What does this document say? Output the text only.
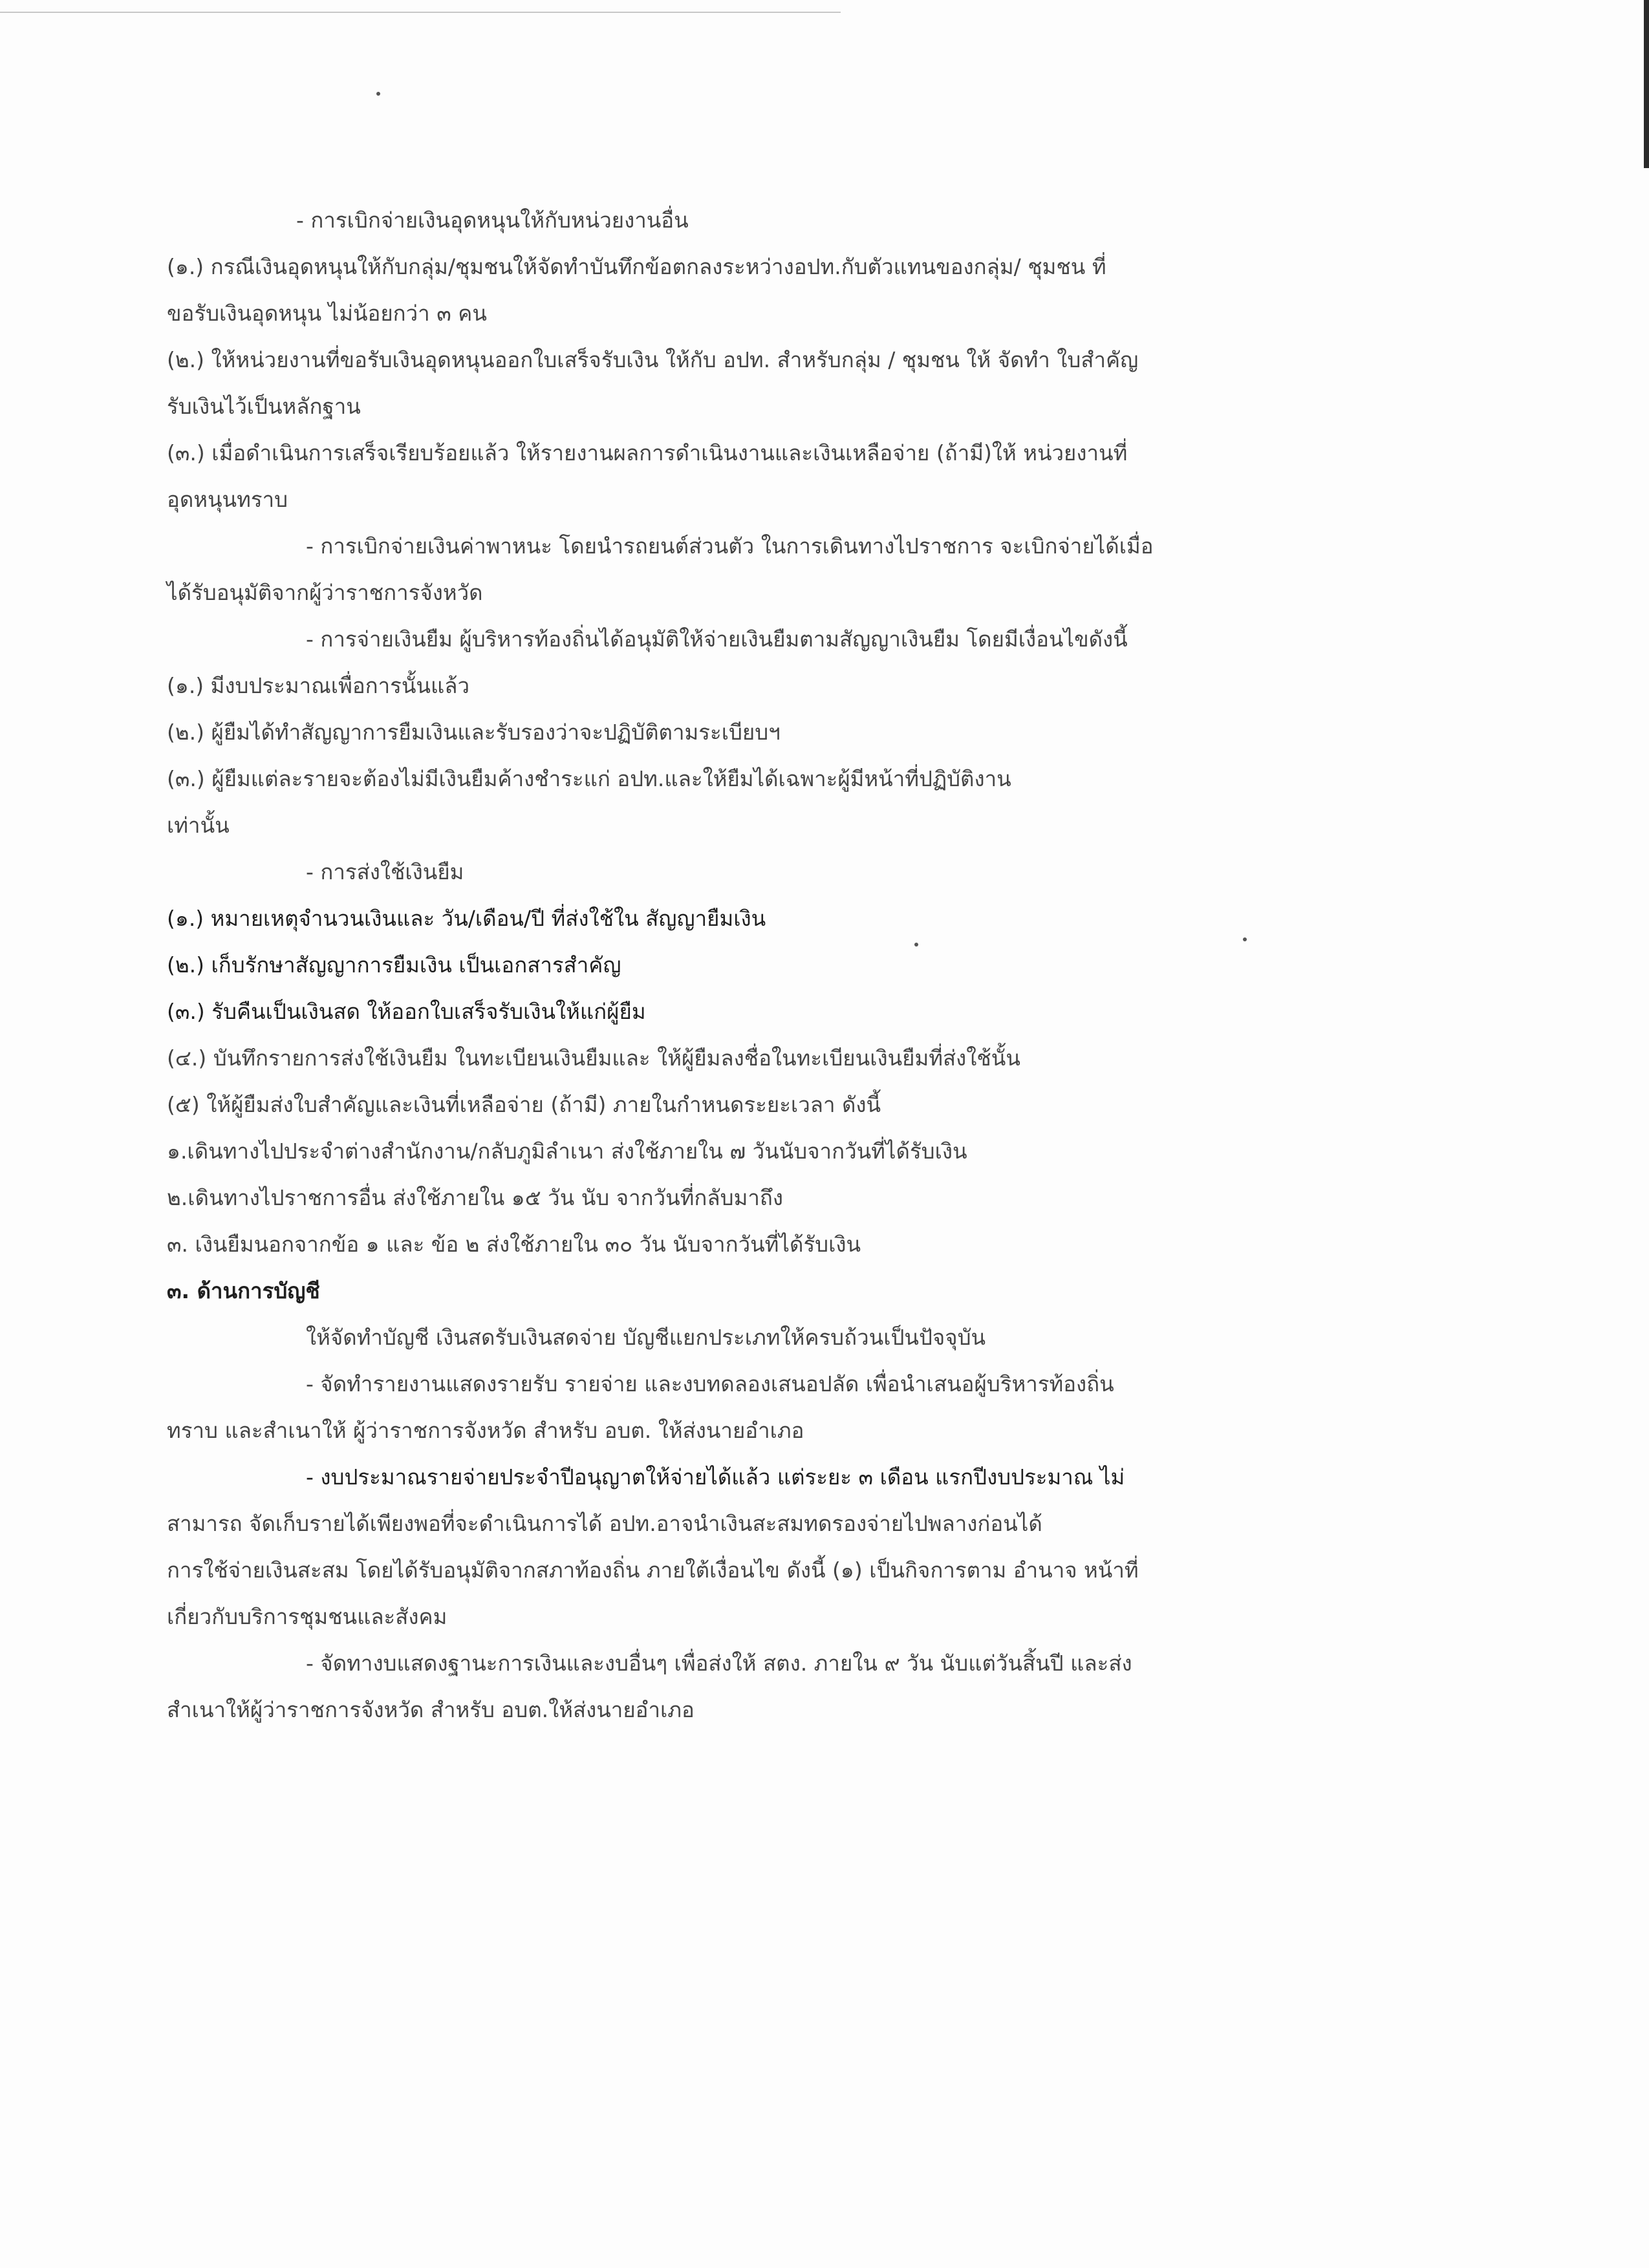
- การเบิกจ่ายเงินอุดหนุนให้กับหน่วยงานอื่น
(๑.) กรณีเงินอุดหนุนให้กับกลุ่ม/ชุมชนให้จัดทำบันทึกข้อตกลงระหว่างอปท.กับตัวแทนของกลุ่ม/ ชุมชน ที่
ขอรับเงินอุดหนุน ไม่น้อยกว่า ๓ คน
(๒.) ให้หน่วยงานที่ขอรับเงินอุดหนุนออกใบเสร็จรับเงิน ให้กับ อปท. สำหรับกลุ่ม / ชุมชน ให้ จัดทำ ใบสำคัญ
รับเงินไว้เป็นหลักฐาน
(๓.) เมื่อดำเนินการเสร็จเรียบร้อยแล้ว ให้รายงานผลการดำเนินงานและเงินเหลือจ่าย (ถ้ามี)ให้ หน่วยงานที่
อุดหนุนทราบ
- การเบิกจ่ายเงินค่าพาหนะ โดยนำรถยนต์ส่วนตัว ในการเดินทางไปราชการ จะเบิกจ่ายได้เมื่อ
ได้รับอนุมัติจากผู้ว่าราชการจังหวัด
- การจ่ายเงินยืม ผู้บริหารท้องถิ่นได้อนุมัติให้จ่ายเงินยืมตามสัญญาเงินยืม โดยมีเงื่อนไขดังนี้
(๑.) มีงบประมาณเพื่อการนั้นแล้ว
(๒.) ผู้ยืมได้ทำสัญญาการยืมเงินและรับรองว่าจะปฏิบัติตามระเบียบฯ
(๓.) ผู้ยืมแต่ละรายจะต้องไม่มีเงินยืมค้างชำระแก่ อปท.และให้ยืมได้เฉพาะผู้มีหน้าที่ปฏิบัติงาน
เท่านั้น
- การส่งใช้เงินยืม
(๑.) หมายเหตุจำนวนเงินและ วัน/เดือน/ปี ที่ส่งใช้ใน สัญญายืมเงิน
(๒.) เก็บรักษาสัญญาการยืมเงิน เป็นเอกสารสำคัญ
(๓.) รับคืนเป็นเงินสด ให้ออกใบเสร็จรับเงินให้แก่ผู้ยืม
(๔.) บันทึกรายการส่งใช้เงินยืม ในทะเบียนเงินยืมและ ให้ผู้ยืมลงชื่อในทะเบียนเงินยืมที่ส่งใช้นั้น
(๕) ให้ผู้ยืมส่งใบสำคัญและเงินที่เหลือจ่าย (ถ้ามี) ภายในกำหนดระยะเวลา ดังนี้
๑.เดินทางไปประจำต่างสำนักงาน/กลับภูมิลำเนา ส่งใช้ภายใน ๗ วันนับจากวันที่ได้รับเงิน
๒.เดินทางไปราชการอื่น ส่งใช้ภายใน ๑๕ วัน นับ จากวันที่กลับมาถึง
๓. เงินยืมนอกจากข้อ ๑ และ ข้อ ๒ ส่งใช้ภายใน ๓๐ วัน นับจากวันที่ได้รับเงิน
๓. ด้านการบัญชี
ให้จัดทำบัญชี เงินสดรับเงินสดจ่าย บัญชีแยกประเภทให้ครบถ้วนเป็นปัจจุบัน
- จัดทำรายงานแสดงรายรับ รายจ่าย และงบทดลองเสนอปลัด เพื่อนำเสนอผู้บริหารท้องถิ่น
ทราบ และสำเนาให้ ผู้ว่าราชการจังหวัด สำหรับ อบต. ให้ส่งนายอำเภอ
- งบประมาณรายจ่ายประจำปีอนุญาตให้จ่ายได้แล้ว แต่ระยะ ๓ เดือน แรกปีงบประมาณ ไม่
สามารถ จัดเก็บรายได้เพียงพอที่จะดำเนินการได้ อปท.อาจนำเงินสะสมทดรองจ่ายไปพลางก่อนได้
การใช้จ่ายเงินสะสม โดยได้รับอนุมัติจากสภาท้องถิ่น ภายใต้เงื่อนไข ดังนี้ (๑) เป็นกิจการตาม อำนาจ หน้าที่
เกี่ยวกับบริการชุมชนและสังคม
- จัดทางบแสดงฐานะการเงินและงบอื่นๆ เพื่อส่งให้ สตง. ภายใน ๙ วัน นับแต่วันสิ้นปี และส่ง
สำเนาให้ผู้ว่าราชการจังหวัด สำหรับ อบต.ให้ส่งนายอำเภอ
